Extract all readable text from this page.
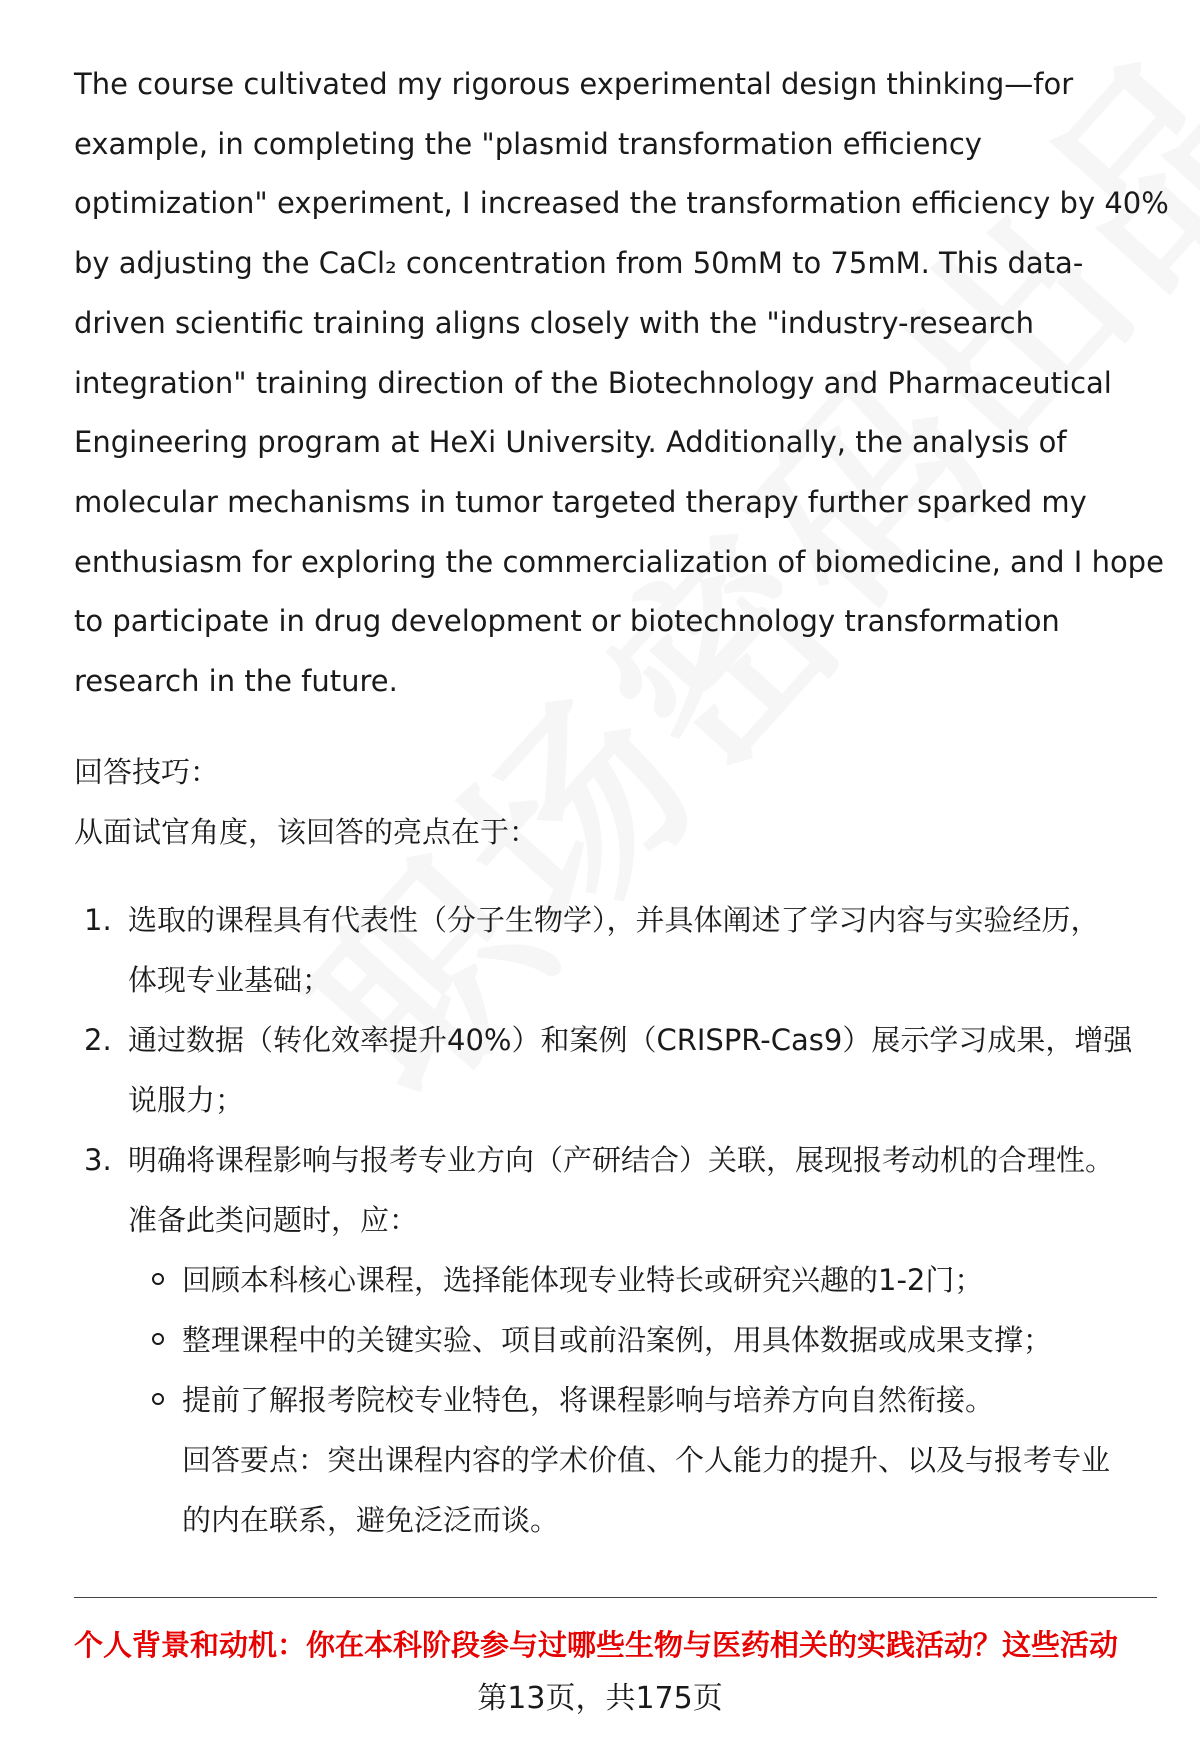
The course cultivated my rigorous experimental design thinking—for
example, in completing the "plasmid transformation efficiency
optimization" experiment, I increased the transformation efficiency by 40%
by adjusting the CaCl₂ concentration from 50mM to 75mM. This data-
driven scientific training aligns closely with the "industry-research
integration" training direction of the Biotechnology and Pharmaceutical
Engineering program at HeXi University. Additionally, the analysis of
molecular mechanisms in tumor targeted therapy further sparked my
enthusiasm for exploring the commercialization of biomedicine, and I hope
to participate in drug development or biotechnology transformation
research in the future.

回答技巧：

从面试官角度，该回答的亮点在于：

1. 选取的课程具有代表性（分子生物学），并具体阐述了学习内容与实验经历，
体现专业基础；
2. 通过数据（转化效率提升40%）和案例（CRISPR-Cas9）展示学习成果，增强
说服力；
3. 明确将课程影响与报考专业方向（产研结合）关联，展现报考动机的合理性。
准备此类问题时，应：
回顾本科核心课程，选择能体现专业特长或研究兴趣的1-2门；
整理课程中的关键实验、项目或前沿案例，用具体数据或成果支撑；
提前了解报考院校专业特色，将课程影响与培养方向自然衔接。
回答要点：突出课程内容的学术价值、个人能力的提升、以及与报考专业
的内在联系，避免泛泛而谈。

个人背景和动机：你在本科阶段参与过哪些生物与医药相关的实践活动？这些活动

第13页，共175页
